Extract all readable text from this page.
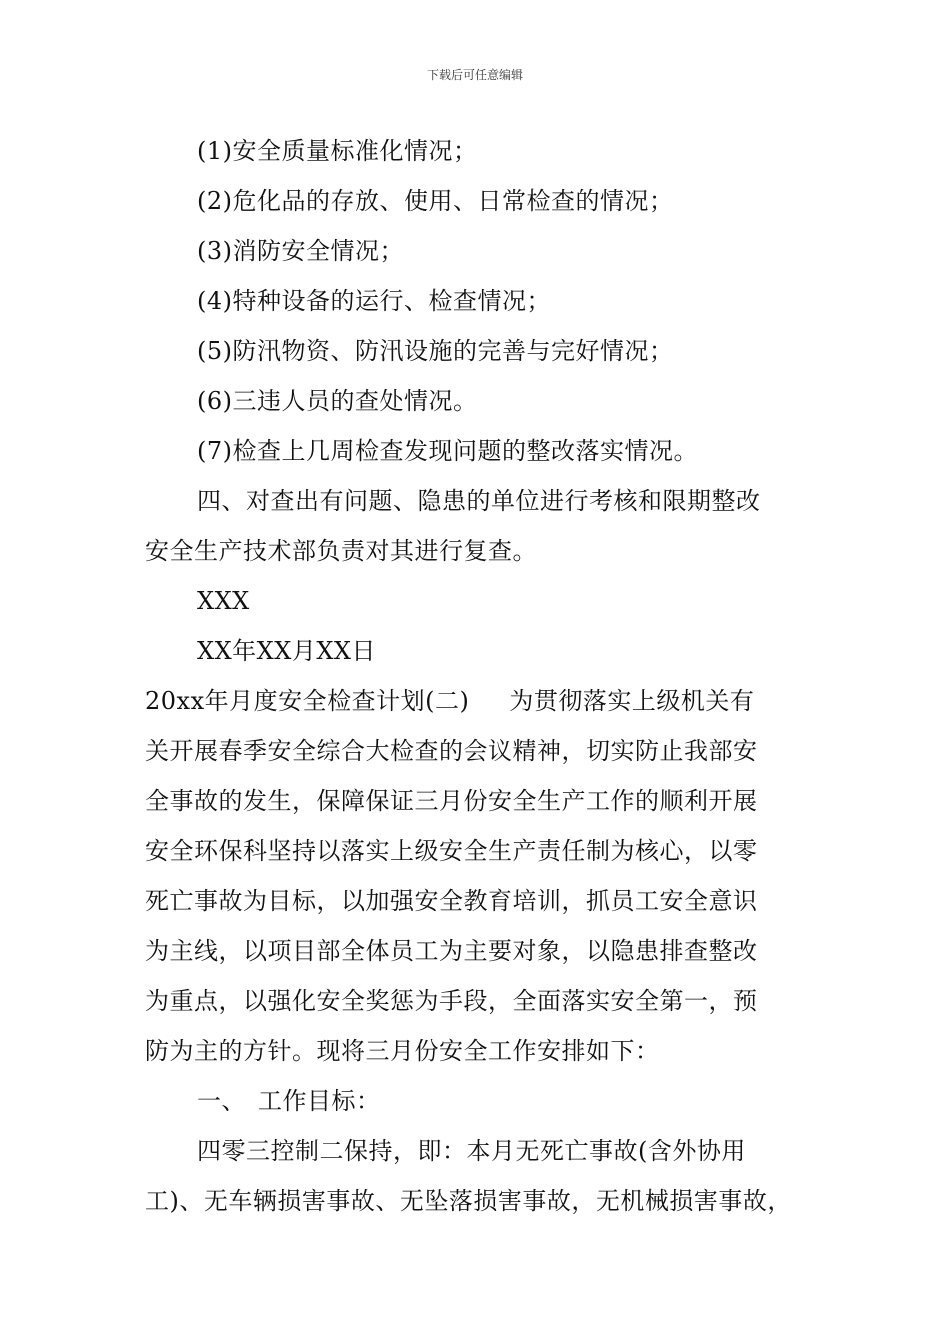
下载后可任意编辑
(1)安全质量标准化情况；
(2)危化品的存放、使用、日常检查的情况；
(3)消防安全情况；
(4)特种设备的运行、检查情况；
(5)防汛物资、防汛设施的完善与完好情况；
(6)三违人员的查处情况。
(7)检查上几周检查发现问题的整改落实情况。
四、对查出有问题、隐患的单位进行考核和限期整改
安全生产技术部负责对其进行复查。
XXX
XX年XX月XX日
20xx年月度安全检查计划(二) 为贯彻落实上级机关有
关开展春季安全综合大检查的会议精神，切实防止我部安
全事故的发生，保障保证三月份安全生产工作的顺利开展
安全环保科坚持以落实上级安全生产责任制为核心，以零
死亡事故为目标，以加强安全教育培训，抓员工安全意识
为主线，以项目部全体员工为主要对象，以隐患排查整改
为重点，以强化安全奖惩为手段，全面落实安全第一，预
防为主的方针。现将三月份安全工作安排如下：
一、 工作目标：
四零三控制二保持，即：本月无死亡事故(含外协用
工)、无车辆损害事故、无坠落损害事故，无机械损害事故，
